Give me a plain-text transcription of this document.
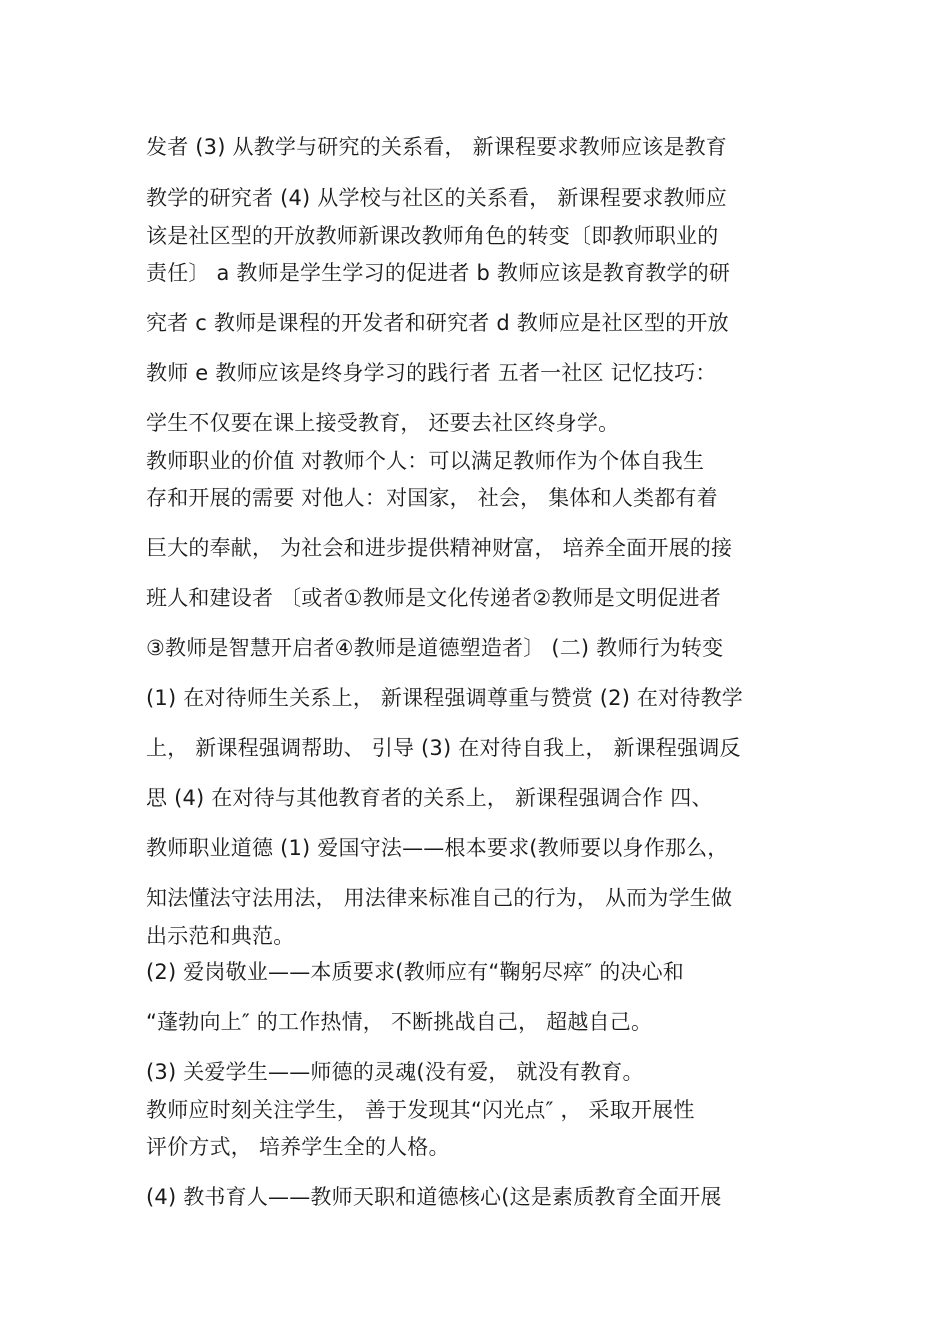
发者 (3) 从教学与研究的关系看， 新课程要求教师应该是教育
教学的研究者 (4) 从学校与社区的关系看， 新课程要求教师应
该是社区型的开放教师新课改教师角色的转变〔即教师职业的
责任〕 a 教师是学生学习的促进者 b 教师应该是教育教学的研
究者 c 教师是课程的开发者和研究者 d 教师应是社区型的开放
教师 e 教师应该是终身学习的践行者 五者一社区 记忆技巧：
学生不仅要在课上接受教育， 还要去社区终身学。
教师职业的价值 对教师个人：可以满足教师作为个体自我生
存和开展的需要 对他人：对国家， 社会， 集体和人类都有着
巨大的奉献， 为社会和进步提供精神财富， 培养全面开展的接
班人和建设者 〔或者①教师是文化传递者②教师是文明促进者
③教师是智慧开启者④教师是道德塑造者〕 (二) 教师行为转变
(1) 在对待师生关系上， 新课程强调尊重与赞赏 (2) 在对待教学
上， 新课程强调帮助、 引导 (3) 在对待自我上， 新课程强调反
思 (4) 在对待与其他教育者的关系上， 新课程强调合作 四、
教师职业道德 (1) 爱国守法——根本要求(教师要以身作那么，
知法懂法守法用法， 用法律来标准自己的行为， 从而为学生做
出示范和典范。
(2) 爱岗敬业——本质要求(教师应有“鞠躬尽瘁″ 的决心和
“蓬勃向上″ 的工作热情， 不断挑战自己， 超越自己。
(3) 关爱学生——师德的灵魂(没有爱， 就没有教育。
教师应时刻关注学生， 善于发现其“闪光点″ ， 采取开展性
评价方式， 培养学生全的人格。
(4) 教书育人——教师天职和道德核心(这是素质教育全面开展
